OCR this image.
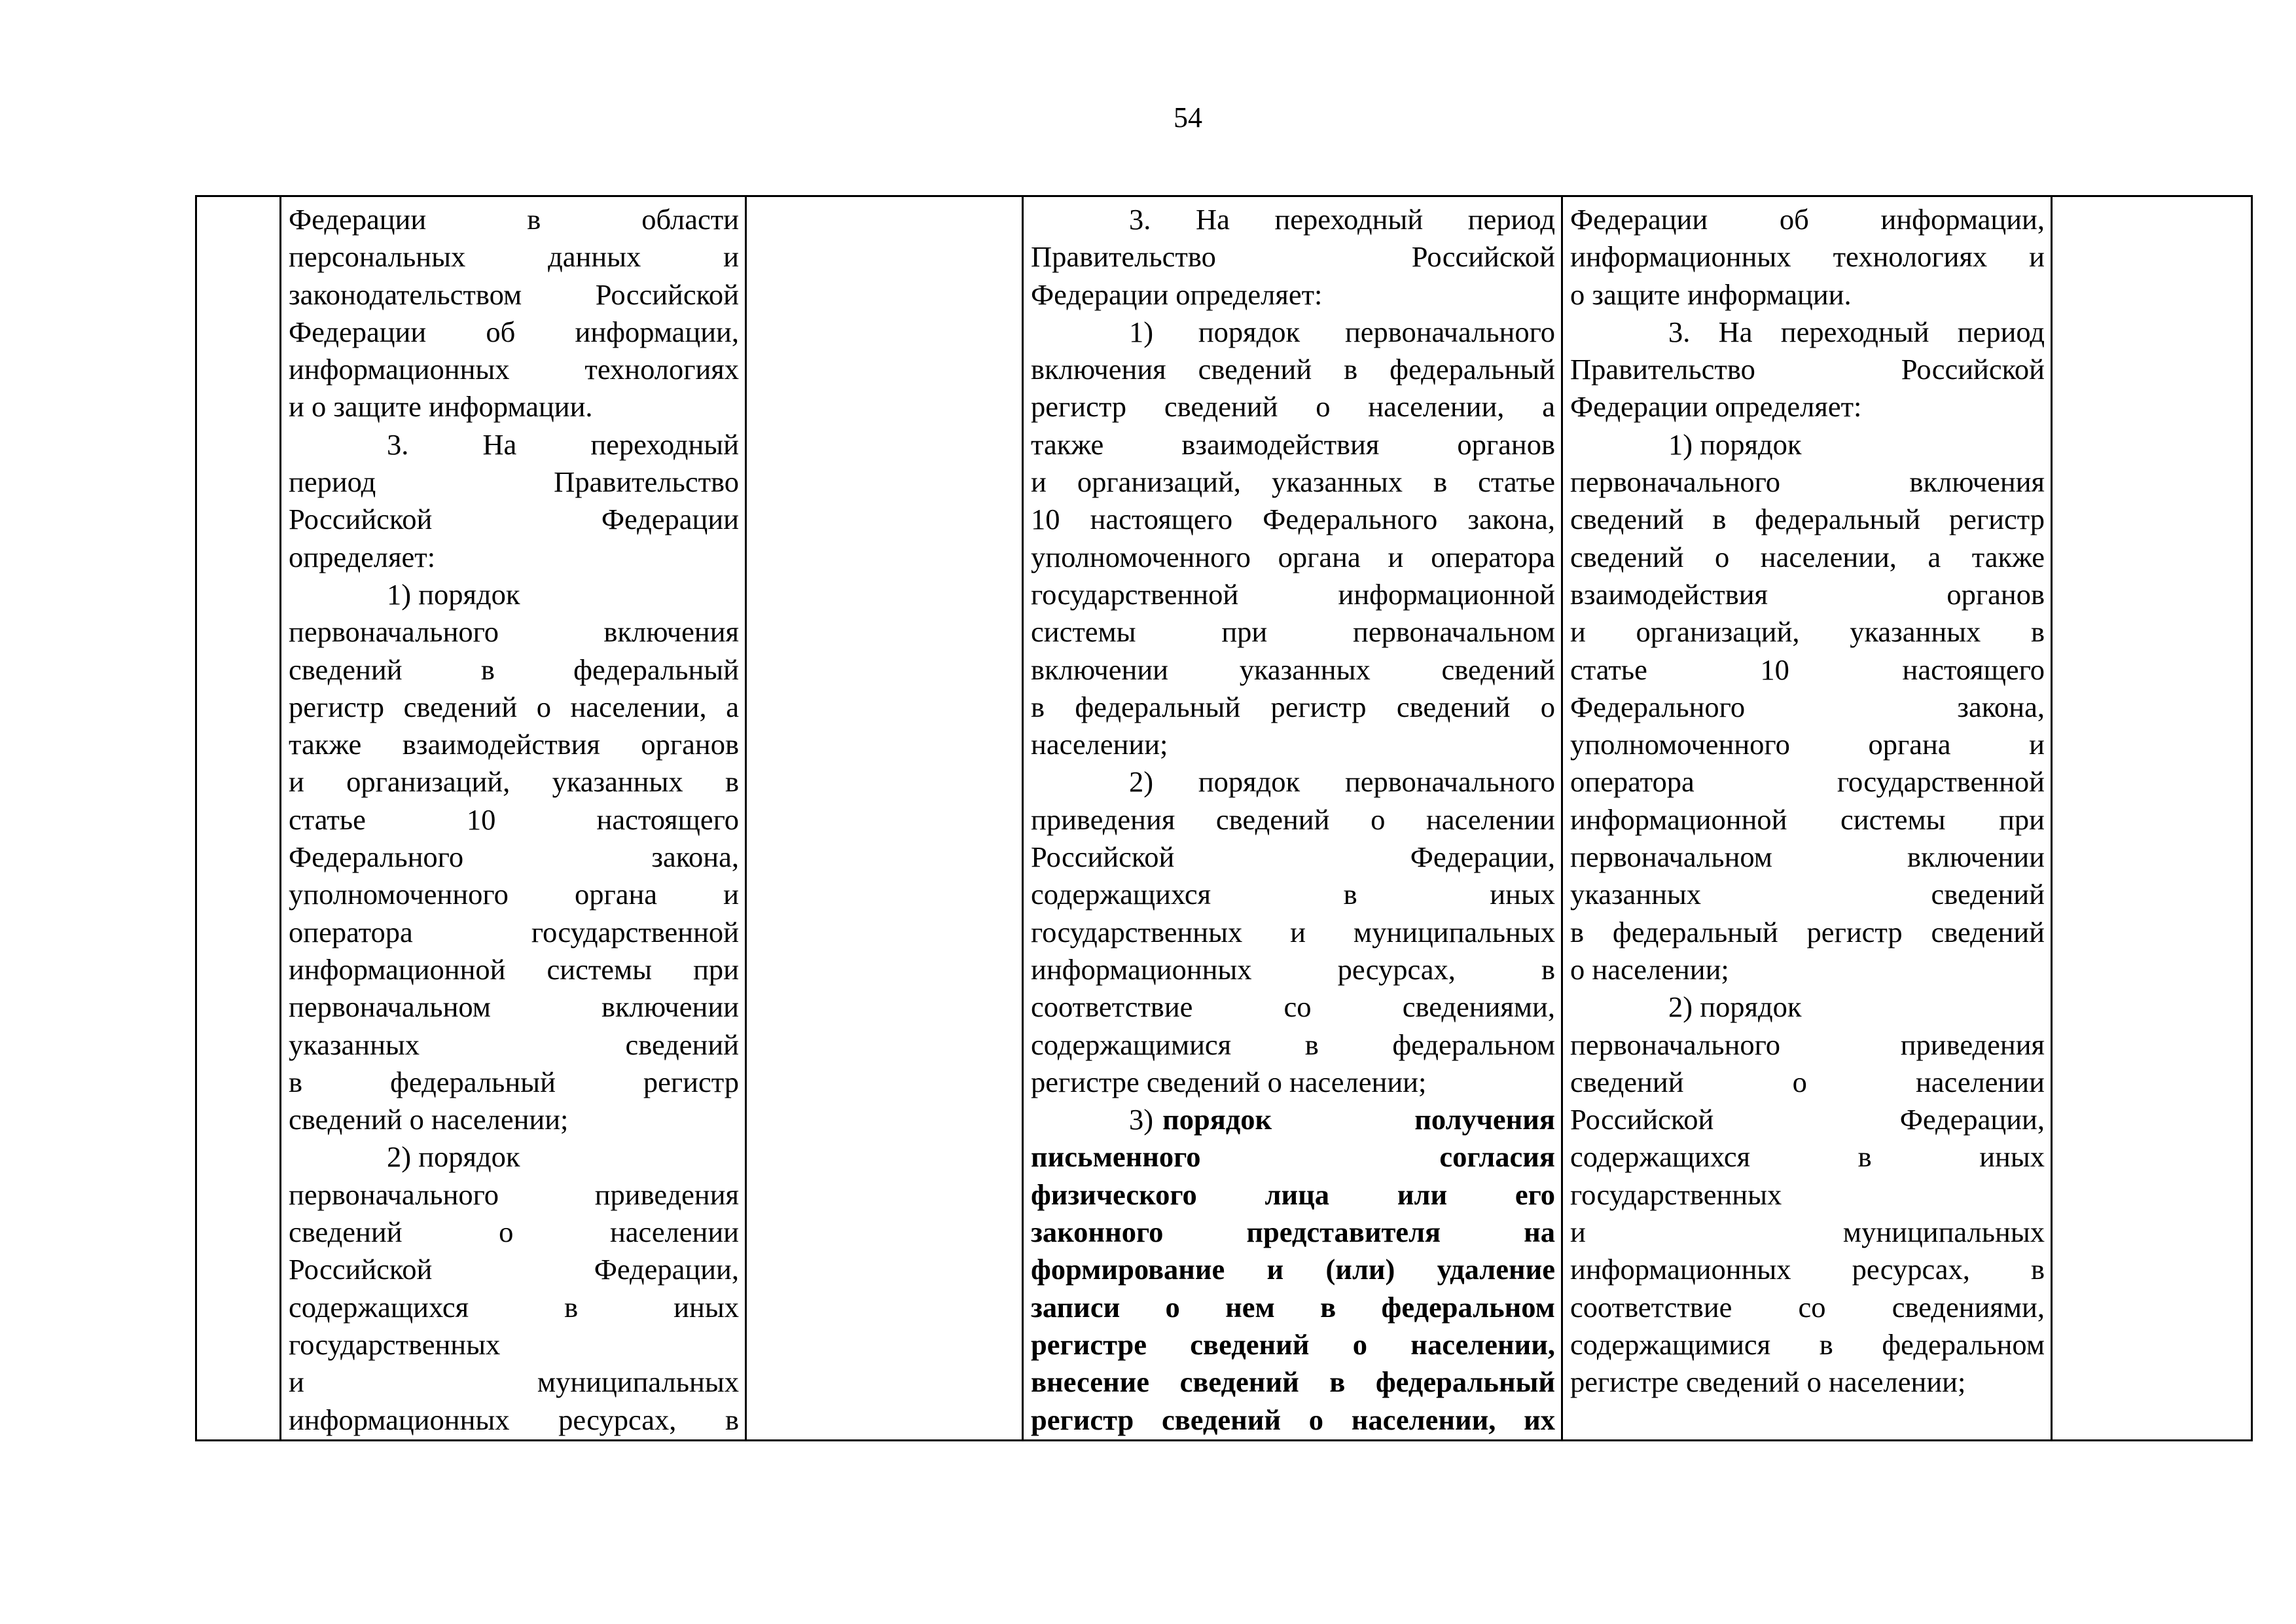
54
Федерации в области
персональных данных и
законодательством Российской
Федерации об информации,
информационных технологиях
и о защите информации.
3. На переходный
период Правительство
Российской Федерации
определяет:
1) порядок
первоначального включения
сведений в федеральный
регистр сведений о населении, а
также взаимодействия органов
и организаций, указанных в
статье 10 настоящего
Федерального закона,
уполномоченного органа и
оператора государственной
информационной системы при
первоначальном включении
указанных сведений
в федеральный регистр
сведений о населении;
2) порядок
первоначального приведения
сведений о населении
Российской Федерации,
содержащихся в иных
государственных
и муниципальных
информационных ресурсах, в
3. На переходный период
Правительство Российской
Федерации определяет:
1) порядок первоначального
включения сведений в федеральный
регистр сведений о населении, а
также взаимодействия органов
и организаций, указанных в статье
10 настоящего Федерального закона,
уполномоченного органа и оператора
государственной информационной
системы при первоначальном
включении указанных сведений
в федеральный регистр сведений о
населении;
2) порядок первоначального
приведения сведений о населении
Российской Федерации,
содержащихся в иных
государственных и муниципальных
информационных ресурсах, в
соответствие со сведениями,
содержащимися в федеральном
регистре сведений о населении;
3) порядок получения
письменного согласия
физического лица или его
законного представителя на
формирование и (или) удаление
записи о нем в федеральном
регистре сведений о населении,
внесение сведений в федеральный
регистр сведений о населении, их
Федерации об информации,
информационных технологиях и
о защите информации.
3. На переходный период
Правительство Российской
Федерации определяет:
1) порядок
первоначального включения
сведений в федеральный регистр
сведений о населении, а также
взаимодействия органов
и организаций, указанных в
статье 10 настоящего
Федерального закона,
уполномоченного органа и
оператора государственной
информационной системы при
первоначальном включении
указанных сведений
в федеральный регистр сведений
о населении;
2) порядок
первоначального приведения
сведений о населении
Российской Федерации,
содержащихся в иных
государственных
и муниципальных
информационных ресурсах, в
соответствие со сведениями,
содержащимися в федеральном
регистре сведений о населении;
